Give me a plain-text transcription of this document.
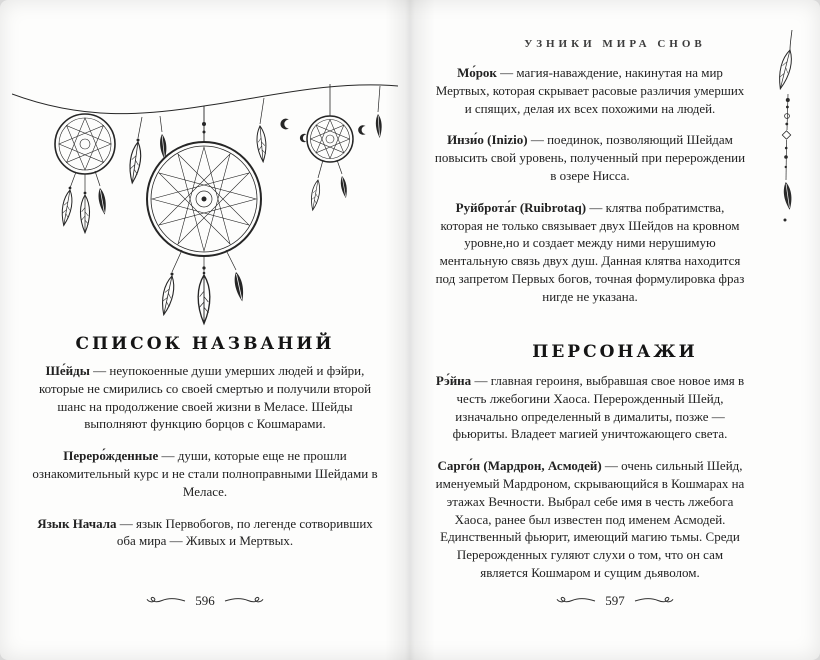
СПИСОК НАЗВАНИЙ

Ше́йды — неупокоенные души умерших людей и фэйри, которые не смирились со своей смертью и получили второй шанс на продолжение своей жизни в Меласе. Шейды выполняют функцию борцов с Кошмарами.

Переро́жденные — души, которые еще не прошли ознакомительный курс и не стали полноправными Шейдами в Меласе.

Язык Начала — язык Первобогов, по легенде сотворивших оба мира — Живых и Мертвых.

596
УЗНИКИ МИРА СНОВ

Мо́рок — магия-наваждение, накинутая на мир Мертвых, которая скрывает расовые различия умерших и спящих, делая их всех похожими на людей.

Инзи́о (Inizio) — поединок, позволяющий Шейдам повысить свой уровень, полученный при перерождении в озере Нисса.

Руйброта́г (Ruibrotaq) — клятва побратимства, которая не только связывает двух Шейдов на кровном уровне,но и создает между ними нерушимую ментальную связь двух душ. Данная клятва находится под запретом Первых богов, точная формулировка фраз нигде не указана.

ПЕРСОНАЖИ

Рэ́йна — главная героиня, выбравшая свое новое имя в честь лжебогини Хаоса. Перерожденный Шейд, изначально определенный в дималиты, позже — фьюриты. Владеет магией уничтожающего света.

Сарго́н (Мардрон, Асмодей) — очень сильный Шейд, именуемый Мардроном, скрывающийся в Кошмарах на этажах Вечности. Выбрал себе имя в честь лжебога Хаоса, ранее был известен под именем Асмодей. Единственный фьюрит, имеющий магию тьмы. Среди Перерожденных гуляют слухи о том, что он сам является Кошмаром и сущим дьяволом.

597
